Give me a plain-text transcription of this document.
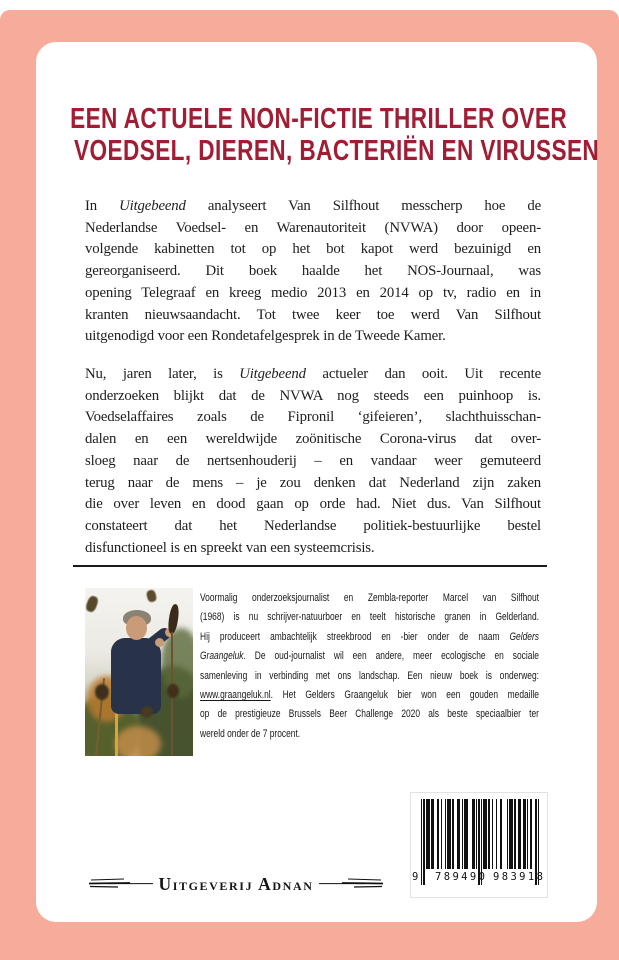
EEN ACTUELE NON-FICTIE THRILLER OVER
VOEDSEL, DIEREN, BACTERIËN EN VIRUSSEN
In Uitgebeend analyseert Van Silfhout messcherp hoe de
Nederlandse Voedsel- en Warenautoriteit (NVWA) door opeen-
volgende kabinetten tot op het bot kapot werd bezuinigd en
gereorganiseerd. Dit boek haalde het NOS-Journaal, was
opening Telegraaf en kreeg medio 2013 en 2014 op tv, radio en in
kranten nieuwsaandacht. Tot twee keer toe werd Van Silfhout
uitgenodigd voor een Rondetafelgesprek in de Tweede Kamer.
Nu, jaren later, is Uitgebeend actueler dan ooit. Uit recente
onderzoeken blijkt dat de NVWA nog steeds een puinhoop is.
Voedselaffaires zoals de Fipronil ‘gifeieren’, slachthuisschan-
dalen en een wereldwijde zoönitische Corona-virus dat over-
sloeg naar de nertsenhouderij – en vandaar weer gemuteerd
terug naar de mens – je zou denken dat Nederland zijn zaken
die over leven en dood gaan op orde had. Niet dus. Van Silfhout
constateert dat het Nederlandse politiek-bestuurlijke bestel
disfunctioneel is en spreekt van een systeemcrisis.
Voormalig onderzoeksjournalist en Zembla-reporter Marcel van Silfhout
(1968) is nu schrijver-natuurboer en teelt historische granen in Gelderland.
Hij produceert ambachtelijk streekbrood en -bier onder de naam Gelders
Graangeluk. De oud-journalist wil een andere, meer ecologische en sociale
samenleving in verbinding met ons landschap. Een nieuw boek is onderweg:
www.graangeluk.nl. Het Gelders Graangeluk bier won een gouden medaille
op de prestigieuze Brussels Beer Challenge 2020 als beste speciaalbier ter
wereld onder de 7 procent.
Uitgeverij Adnan	9 789490 983918
